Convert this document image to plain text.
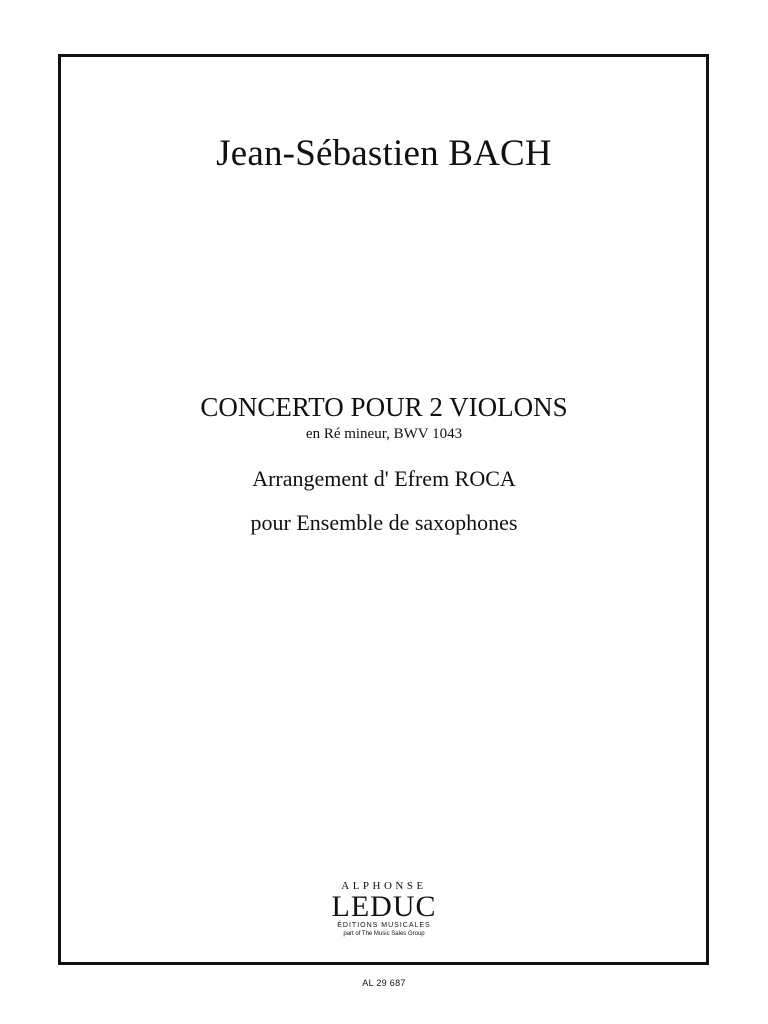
Jean-Sébastien BACH
CONCERTO POUR 2 VIOLONS
en Ré mineur, BWV 1043
Arrangement d' Efrem ROCA
pour Ensemble de saxophones
ALPHONSE
LEDUC
ÉDITIONS MUSICALES
part of The Music Sales Group
AL 29 687
